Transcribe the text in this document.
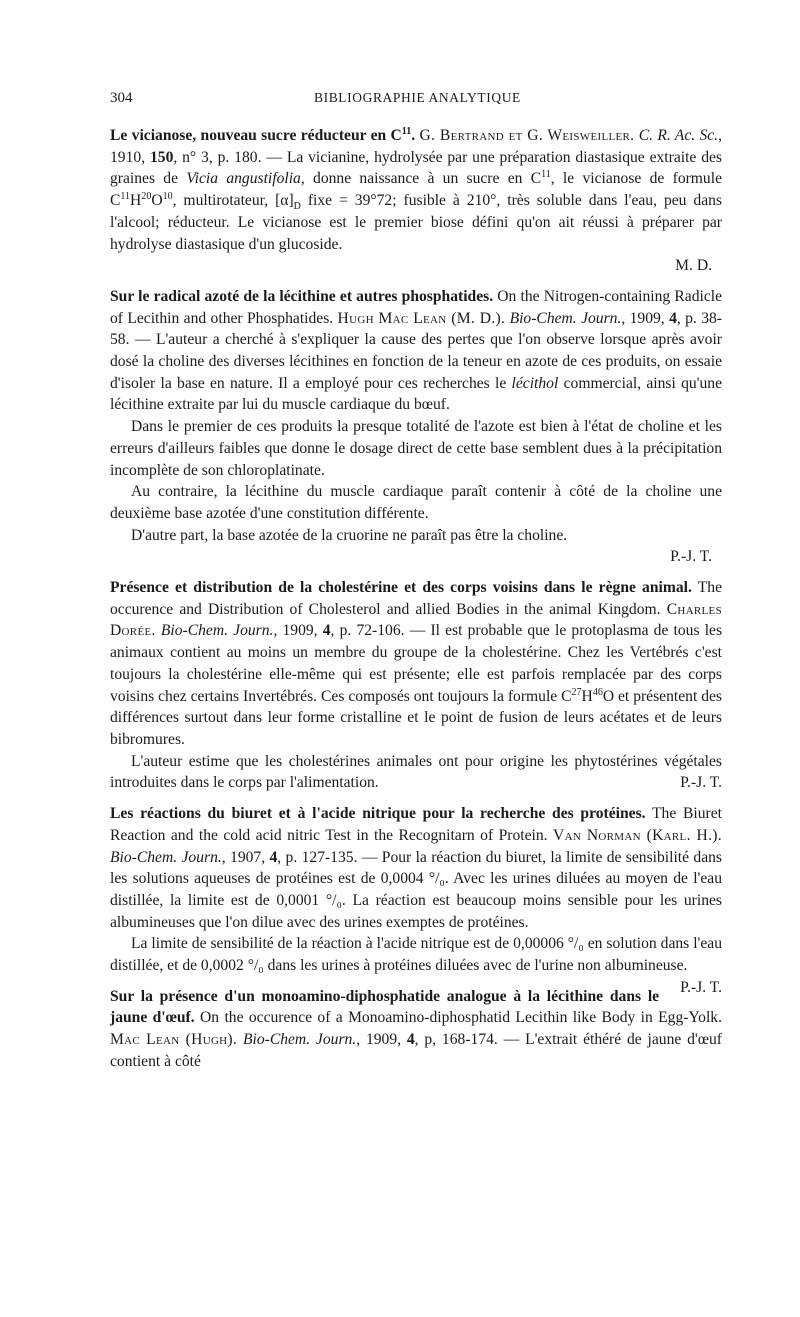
304	BIBLIOGRAPHIE ANALYTIQUE

Le vicianose, nouveau sucre réducteur en $C^{11}$. G. Bertrand et G. Weisweiller. C. R. Ac. Sc., 1910, 150, n° 3, p. 180. — La vicianine, hydrolysée par une préparation diastasique extraite des graines de Vicia angustifolia, donne naissance à un sucre en $C^{11}$, le vicianose de formule $C^{11}H^{20}O^{10}$, multirotateur, $[\alpha]_D$ fixe = 39°72; fusible à 210°, très soluble dans l'eau, peu dans l'alcool; réducteur. Le vicianose est le premier biose défini qu'on ait réussi à préparer par hydrolyse diastasique d'un glucoside.

M. D.

Sur le radical azoté de la lécithine et autres phosphatides. On the Nitrogen-containing Radicle of Lecithin and other Phosphatides. Hugh Mac Lean (M. D.). Bio-Chem. Journ., 1909, 4, p. 38-58. — L'auteur a cherché à s'expliquer la cause des pertes que l'on observe lorsque après avoir dosé la choline des diverses lécithines en fonction de la teneur en azote de ces produits, on essaie d'isoler la base en nature. Il a employé pour ces recherches le lécithol commercial, ainsi qu'une lécithine extraite par lui du muscle cardiaque du bœuf.

Dans le premier de ces produits la presque totalité de l'azote est bien à l'état de choline et les erreurs d'ailleurs faibles que donne le dosage direct de cette base semblent dues à la précipitation incomplète de son chloroplatinate.

Au contraire, la lécithine du muscle cardiaque paraît contenir à côté de la choline une deuxième base azotée d'une constitution différente.

D'autre part, la base azotée de la cruorine ne paraît pas être la choline.

P.-J. T.

Présence et distribution de la cholestérine et des corps voisins dans le règne animal. The occurence and Distribution of Cholesterol and allied Bodies in the animal Kingdom. Charles Dorée. Bio-Chem. Journ., 1909, 4, p. 72-106. — Il est probable que le protoplasma de tous les animaux contient au moins un membre du groupe de la cholestérine. Chez les Vertébrés c'est toujours la cholestérine elle-même qui est présente; elle est parfois remplacée par des corps voisins chez certains Invertébrés. Ces composés ont toujours la formule $C^{27}H^{46}O$ et présentent des différences surtout dans leur forme cristalline et le point de fusion de leurs acétates et de leurs bibromures.

L'auteur estime que les cholestérines animales ont pour origine les phytostérines végétales introduites dans le corps par l'alimentation.	P.-J. T.

Les réactions du biuret et à l'acide nitrique pour la recherche des protéines. The Biuret Reaction and the cold acid nitric Test in the Recognitarn of Protein. Van Norman (Karl. H.). Bio-Chem. Journ., 1907, 4, p. 127-135. — Pour la réaction du biuret, la limite de sensibilité dans les solutions aqueuses de protéines est de 0,0004 °/₀. Avec les urines diluées au moyen de l'eau distillée, la limite est de 0,0001 °/₀. La réaction est beaucoup moins sensible pour les urines albumineuses que l'on dilue avec des urines exemptes de protéines.

La limite de sensibilité de la réaction à l'acide nitrique est de 0,00006 °/₀ en solution dans l'eau distillée, et de 0,0002 °/₀ dans les urines à protéines diluées avec de l'urine non albumineuse.
P.-J. T.

Sur la présence d'un monoamino-diphosphatide analogue à la lécithine dans le jaune d'œuf. On the occurence of a Monoamino-diphosphatid Lecithin like Body in Egg-Yolk. Mac Lean (Hugh). Bio-Chem. Journ., 1909, 4, p, 168-174. — L'extrait éthéré de jaune d'œuf contient à côté
